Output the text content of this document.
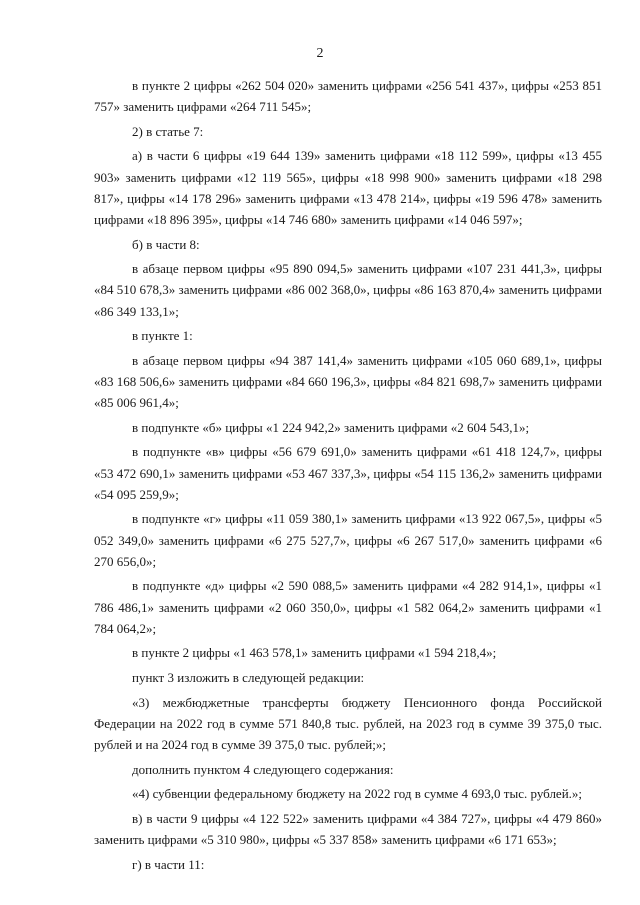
2

в пункте 2 цифры «262 504 020» заменить цифрами «256 541 437», цифры «253 851 757» заменить цифрами «264 711 545»;

2) в статье 7:

а) в части 6 цифры «19 644 139» заменить цифрами «18 112 599», цифры «13 455 903» заменить цифрами «12 119 565», цифры «18 998 900» заменить цифрами «18 298 817», цифры «14 178 296» заменить цифрами «13 478 214», цифры «19 596 478» заменить цифрами «18 896 395», цифры «14 746 680» заменить цифрами «14 046 597»;

б) в части 8:

в абзаце первом цифры «95 890 094,5» заменить цифрами «107 231 441,3», цифры «84 510 678,3» заменить цифрами «86 002 368,0», цифры «86 163 870,4» заменить цифрами «86 349 133,1»;

в пункте 1:

в абзаце первом цифры «94 387 141,4» заменить цифрами «105 060 689,1», цифры «83 168 506,6» заменить цифрами «84 660 196,3», цифры «84 821 698,7» заменить цифрами «85 006 961,4»;

в подпункте «б» цифры «1 224 942,2» заменить цифрами «2 604 543,1»;

в подпункте «в» цифры «56 679 691,0» заменить цифрами «61 418 124,7», цифры «53 472 690,1» заменить цифрами «53 467 337,3», цифры «54 115 136,2» заменить цифрами «54 095 259,9»;

в подпункте «г» цифры «11 059 380,1» заменить цифрами «13 922 067,5», цифры «5 052 349,0» заменить цифрами «6 275 527,7», цифры «6 267 517,0» заменить цифрами «6 270 656,0»;

в подпункте «д» цифры «2 590 088,5» заменить цифрами «4 282 914,1», цифры «1 786 486,1» заменить цифрами «2 060 350,0», цифры «1 582 064,2» заменить цифрами «1 784 064,2»;

в пункте 2 цифры «1 463 578,1» заменить цифрами «1 594 218,4»;

пункт 3 изложить в следующей редакции:

«3) межбюджетные трансферты бюджету Пенсионного фонда Российской Федерации на 2022 год в сумме 571 840,8 тыс. рублей, на 2023 год в сумме 39 375,0 тыс. рублей и на 2024 год в сумме 39 375,0 тыс. рублей;»;

дополнить пунктом 4 следующего содержания:

«4) субвенции федеральному бюджету на 2022 год в сумме 4 693,0 тыс. рублей.»;

в) в части 9 цифры «4 122 522» заменить цифрами «4 384 727», цифры «4 479 860» заменить цифрами «5 310 980», цифры «5 337 858» заменить цифрами «6 171 653»;

г) в части 11:
